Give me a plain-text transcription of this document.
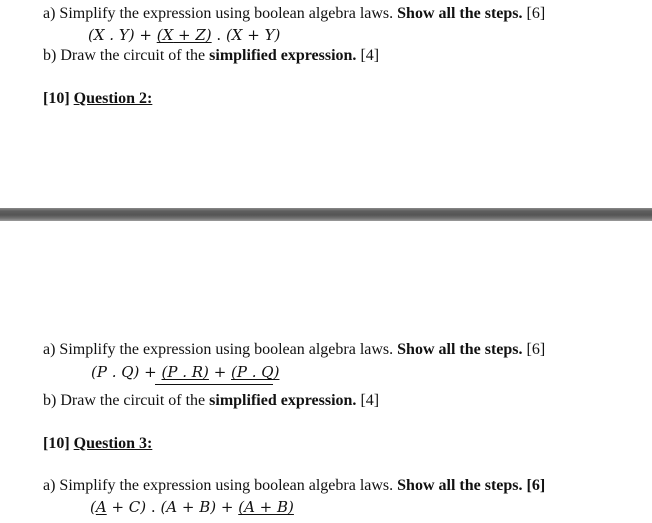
a) Simplify the expression using boolean algebra laws. Show all the steps. [6]
(X . Y) + (X + Z) . (X + Y)
b) Draw the circuit of the simplified expression. [4]
[10] Question 2:
a) Simplify the expression using boolean algebra laws. Show all the steps. [6]
(P . Q) + (P . R) + (P . Q)
b) Draw the circuit of the simplified expression. [4]
[10] Question 3:
a) Simplify the expression using boolean algebra laws. Show all the steps. [6]
(A + C) . (A + B) + (A + B)
